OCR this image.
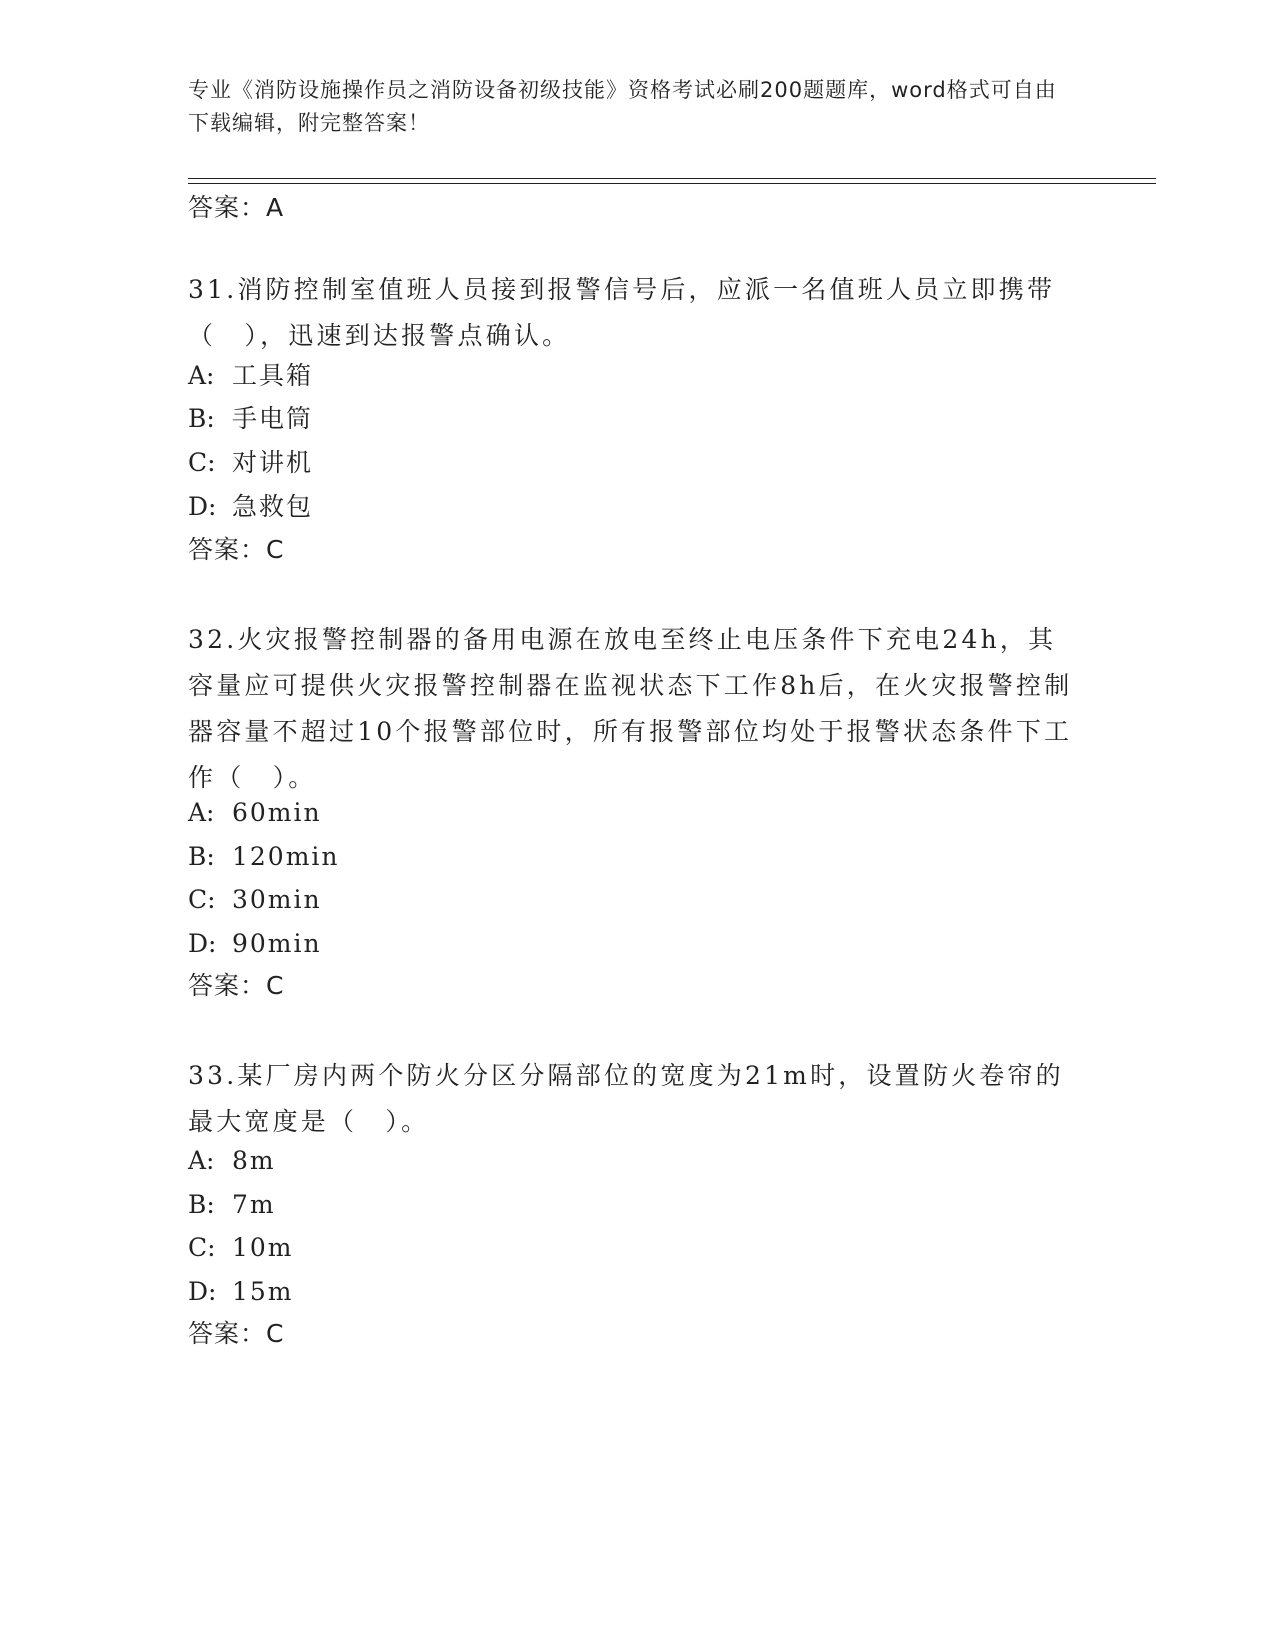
专业《消防设施操作员之消防设备初级技能》资格考试必刷200题题库，word格式可自由下载编辑，附完整答案！
答案：A
31.消防控制室值班人员接到报警信号后，应派一名值班人员立即携带（　），迅速到达报警点确认。
A: 工具箱
B: 手电筒
C: 对讲机
D: 急救包
答案：C
32.火灾报警控制器的备用电源在放电至终止电压条件下充电24h，其容量应可提供火灾报警控制器在监视状态下工作8h后，在火灾报警控制器容量不超过10个报警部位时，所有报警部位均处于报警状态条件下工作（　）。
A: 60min
B: 120min
C: 30min
D: 90min
答案：C
33.某厂房内两个防火分区分隔部位的宽度为21m时，设置防火卷帘的最大宽度是（　）。
A: 8m
B: 7m
C: 10m
D: 15m
答案：C
